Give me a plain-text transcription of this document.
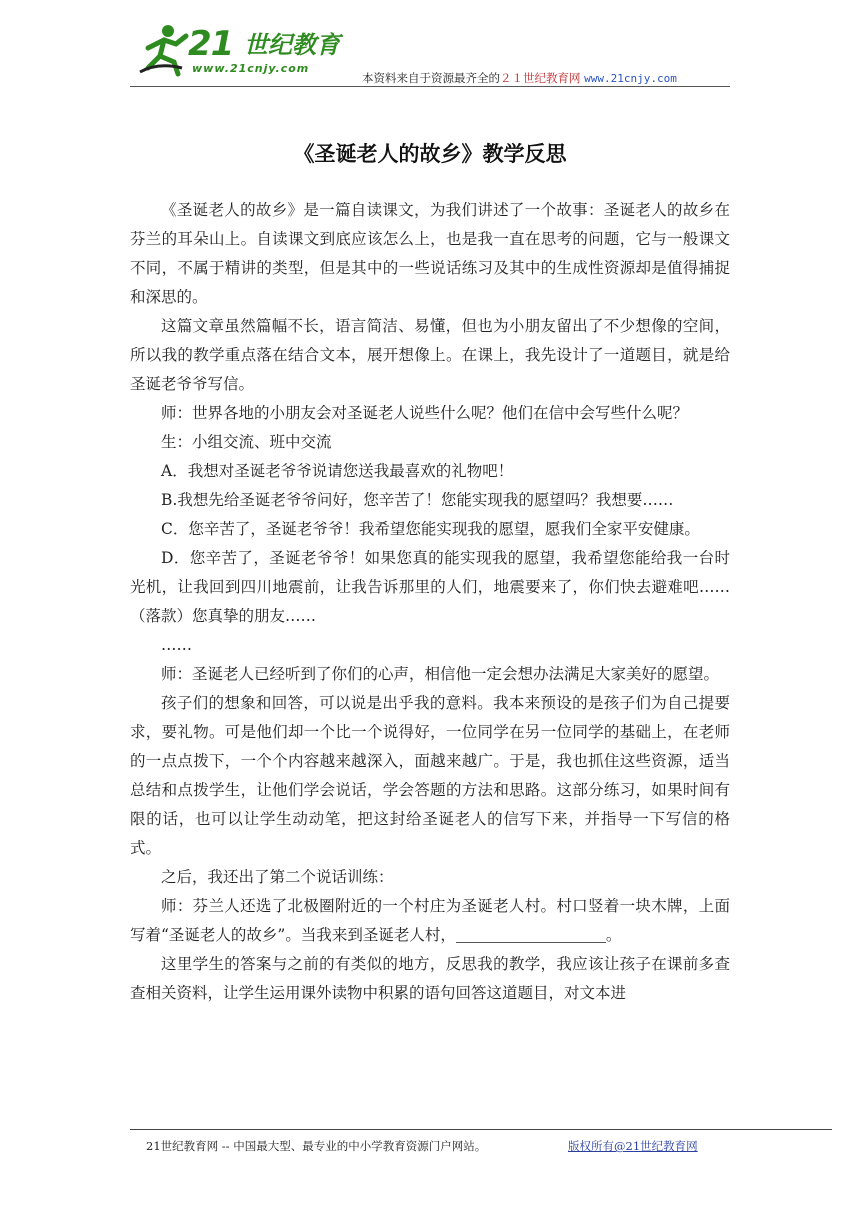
21 世纪教育
www.21cnjy.com
本资料来自于资源最齐全的２１世纪教育网 www.21cnjy.com
《圣诞老人的故乡》教学反思

《圣诞老人的故乡》是一篇自读课文，为我们讲述了一个故事：圣诞老人的故乡在芬兰的耳朵山上。自读课文到底应该怎么上，也是我一直在思考的问题，它与一般课文不同，不属于精讲的类型，但是其中的一些说话练习及其中的生成性资源却是值得捕捉和深思的。

这篇文章虽然篇幅不长，语言简洁、易懂，但也为小朋友留出了不少想像的空间，所以我的教学重点落在结合文本，展开想像上。在课上，我先设计了一道题目，就是给圣诞老爷爷写信。

师：世界各地的小朋友会对圣诞老人说些什么呢？他们在信中会写些什么呢？

生：小组交流、班中交流

A．我想对圣诞老爷爷说请您送我最喜欢的礼物吧！

B.我想先给圣诞老爷爷问好，您辛苦了！您能实现我的愿望吗？我想要……

C．您辛苦了，圣诞老爷爷！我希望您能实现我的愿望，愿我们全家平安健康。

D．您辛苦了，圣诞老爷爷！如果您真的能实现我的愿望，我希望您能给我一台时光机，让我回到四川地震前，让我告诉那里的人们，地震要来了，你们快去避难吧……（落款）您真挚的朋友……

……

师：圣诞老人已经听到了你们的心声，相信他一定会想办法满足大家美好的愿望。

孩子们的想象和回答，可以说是出乎我的意料。我本来预设的是孩子们为自己提要求，要礼物。可是他们却一个比一个说得好，一位同学在另一位同学的基础上，在老师的一点点拨下，一个个内容越来越深入，面越来越广。于是，我也抓住这些资源，适当总结和点拨学生，让他们学会说话，学会答题的方法和思路。这部分练习，如果时间有限的话，也可以让学生动动笔，把这封给圣诞老人的信写下来，并指导一下写信的格式。

之后，我还出了第二个说话训练：

师：芬兰人还选了北极圈附近的一个村庄为圣诞老人村。村口竖着一块木牌，上面写着“圣诞老人的故乡”。当我来到圣诞老人村，	。

这里学生的答案与之前的有类似的地方，反思我的教学，我应该让孩子在课前多查查相关资料，让学生运用课外读物中积累的语句回答这道题目，对文本进

21世纪教育网 -- 中国最大型、最专业的中小学教育资源门户网站。	版权所有@21世纪教育网
